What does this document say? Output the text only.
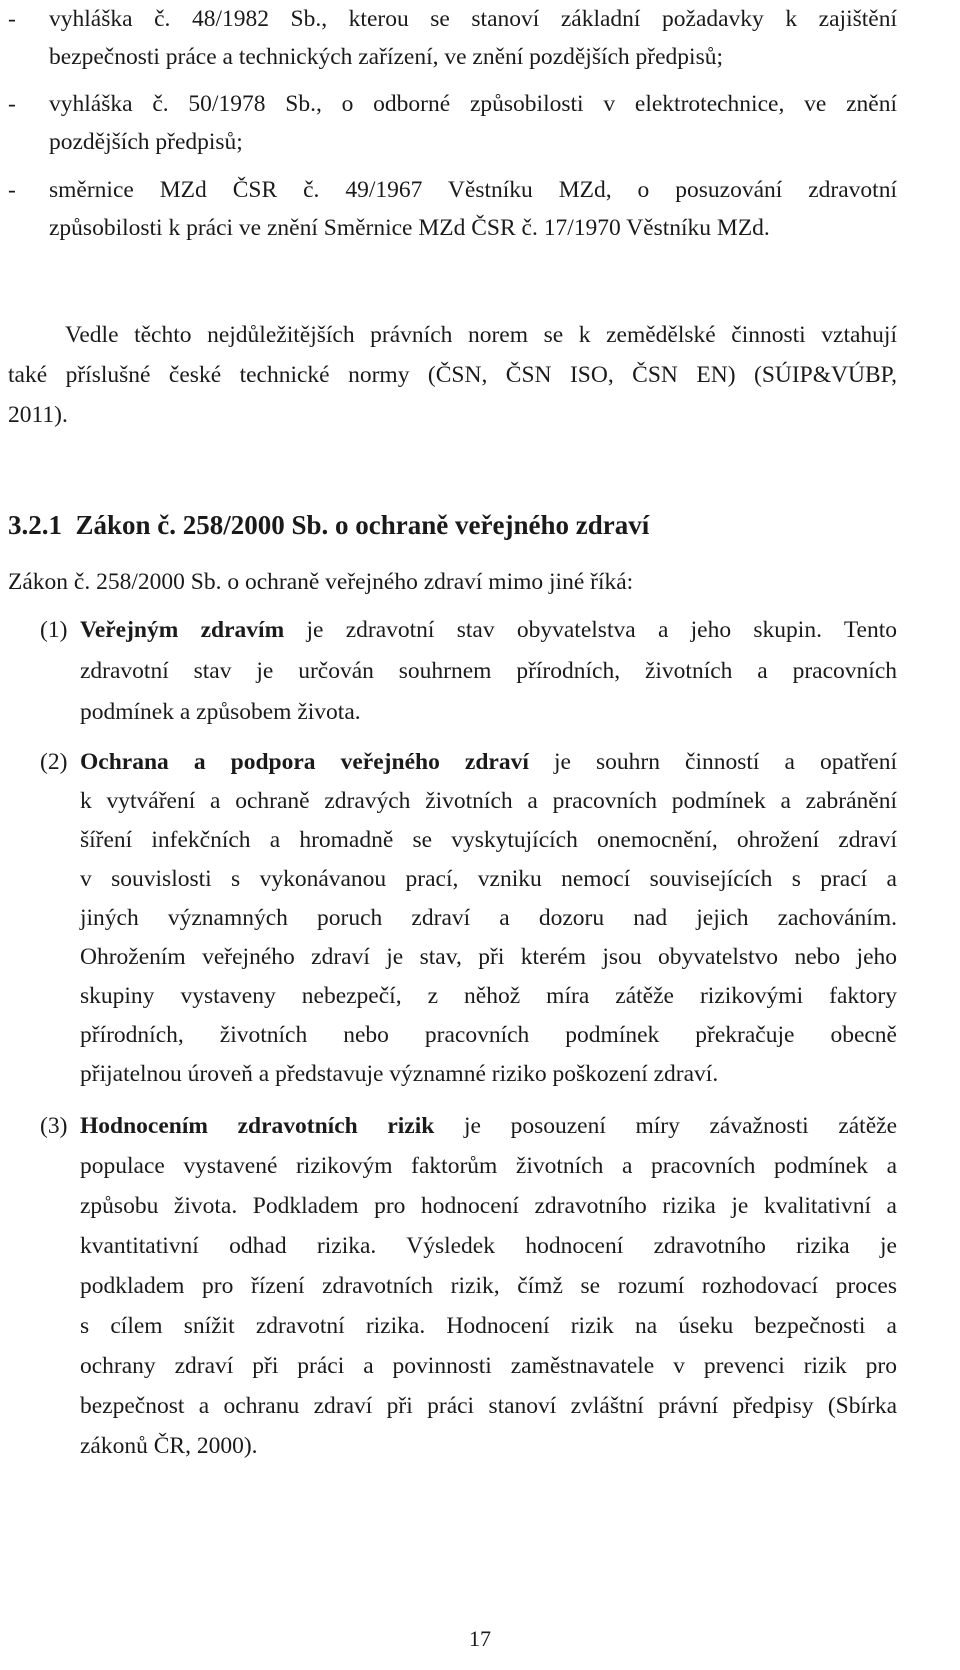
- vyhláška č. 48/1982 Sb., kterou se stanoví základní požadavky k zajištění
bezpečnosti práce a technických zařízení, ve znění pozdějších předpisů;
- vyhláška č. 50/1978 Sb., o odborné způsobilosti v elektrotechnice, ve znění
pozdějších předpisů;
- směrnice MZd ČSR č. 49/1967 Věstníku MZd, o posuzování zdravotní
způsobilosti k práci ve znění Směrnice MZd ČSR č. 17/1970 Věstníku MZd.
Vedle těchto nejdůležitějších právních norem se k zemědělské činnosti vztahují
také příslušné české technické normy (ČSN, ČSN ISO, ČSN EN) (SÚIP&VÚBP,
2011).
3.2.1 Zákon č. 258/2000 Sb. o ochraně veřejného zdraví
Zákon č. 258/2000 Sb. o ochraně veřejného zdraví mimo jiné říká:
(1) Veřejným zdravím je zdravotní stav obyvatelstva a jeho skupin. Tento
zdravotní stav je určován souhrnem přírodních, životních a pracovních
podmínek a způsobem života.
(2) Ochrana a podpora veřejného zdraví je souhrn činností a opatření
k vytváření a ochraně zdravých životních a pracovních podmínek a zabránění
šíření infekčních a hromadně se vyskytujících onemocnění, ohrožení zdraví
v souvislosti s vykonávanou prací, vzniku nemocí souvisejících s prací a
jiných významných poruch zdraví a dozoru nad jejich zachováním.
Ohrožením veřejného zdraví je stav, při kterém jsou obyvatelstvo nebo jeho
skupiny vystaveny nebezpečí, z něhož míra zátěže rizikovými faktory
přírodních, životních nebo pracovních podmínek překračuje obecně
přijatelnou úroveň a představuje významné riziko poškození zdraví.
(3) Hodnocením zdravotních rizik je posouzení míry závažnosti zátěže
populace vystavené rizikovým faktorům životních a pracovních podmínek a
způsobu života. Podkladem pro hodnocení zdravotního rizika je kvalitativní a
kvantitativní odhad rizika. Výsledek hodnocení zdravotního rizika je
podkladem pro řízení zdravotních rizik, čímž se rozumí rozhodovací proces
s cílem snížit zdravotní rizika. Hodnocení rizik na úseku bezpečnosti a
ochrany zdraví při práci a povinnosti zaměstnavatele v prevenci rizik pro
bezpečnost a ochranu zdraví při práci stanoví zvláštní právní předpisy (Sbírka
zákonů ČR, 2000).
17
